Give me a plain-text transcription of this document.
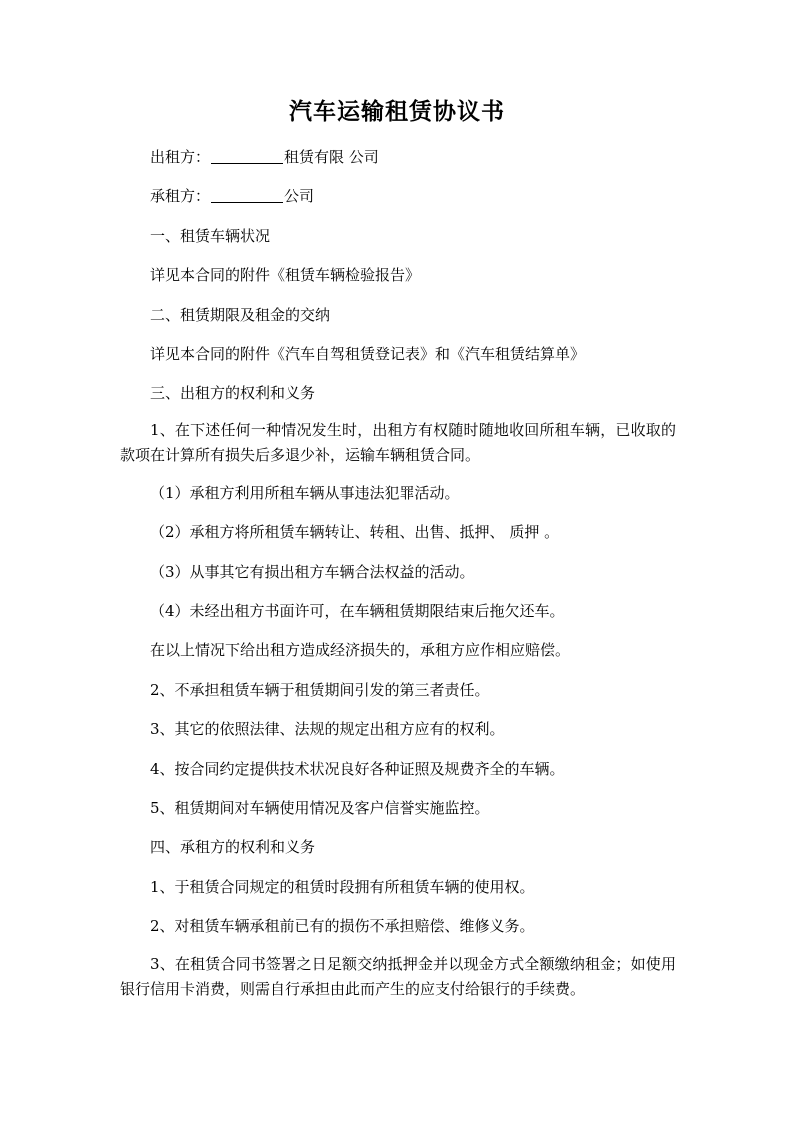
汽车运输租赁协议书
出租方：	租赁有限 公司
承租方：	公司
一、租赁车辆状况
详见本合同的附件《租赁车辆检验报告》
二、租赁期限及租金的交纳
详见本合同的附件《汽车自驾租赁登记表》和《汽车租赁结算单》
三、出租方的权利和义务
1、在下述任何一种情况发生时，出租方有权随时随地收回所租车辆，已收取的款项在计算所有损失后多退少补，运输车辆租赁合同。
（1）承租方利用所租车辆从事违法犯罪活动。
（2）承租方将所租赁车辆转让、转租、出售、抵押、 质押 。
（3）从事其它有损出租方车辆合法权益的活动。
（4）未经出租方书面许可，在车辆租赁期限结束后拖欠还车。
在以上情况下给出租方造成经济损失的，承租方应作相应赔偿。
2、不承担租赁车辆于租赁期间引发的第三者责任。
3、其它的依照法律、法规的规定出租方应有的权利。
4、按合同约定提供技术状况良好各种证照及规费齐全的车辆。
5、租赁期间对车辆使用情况及客户信誉实施监控。
四、承租方的权利和义务
1、于租赁合同规定的租赁时段拥有所租赁车辆的使用权。
2、对租赁车辆承租前已有的损伤不承担赔偿、维修义务。
3、在租赁合同书签署之日足额交纳抵押金并以现金方式全额缴纳租金；如使用银行信用卡消费，则需自行承担由此而产生的应支付给银行的手续费。
